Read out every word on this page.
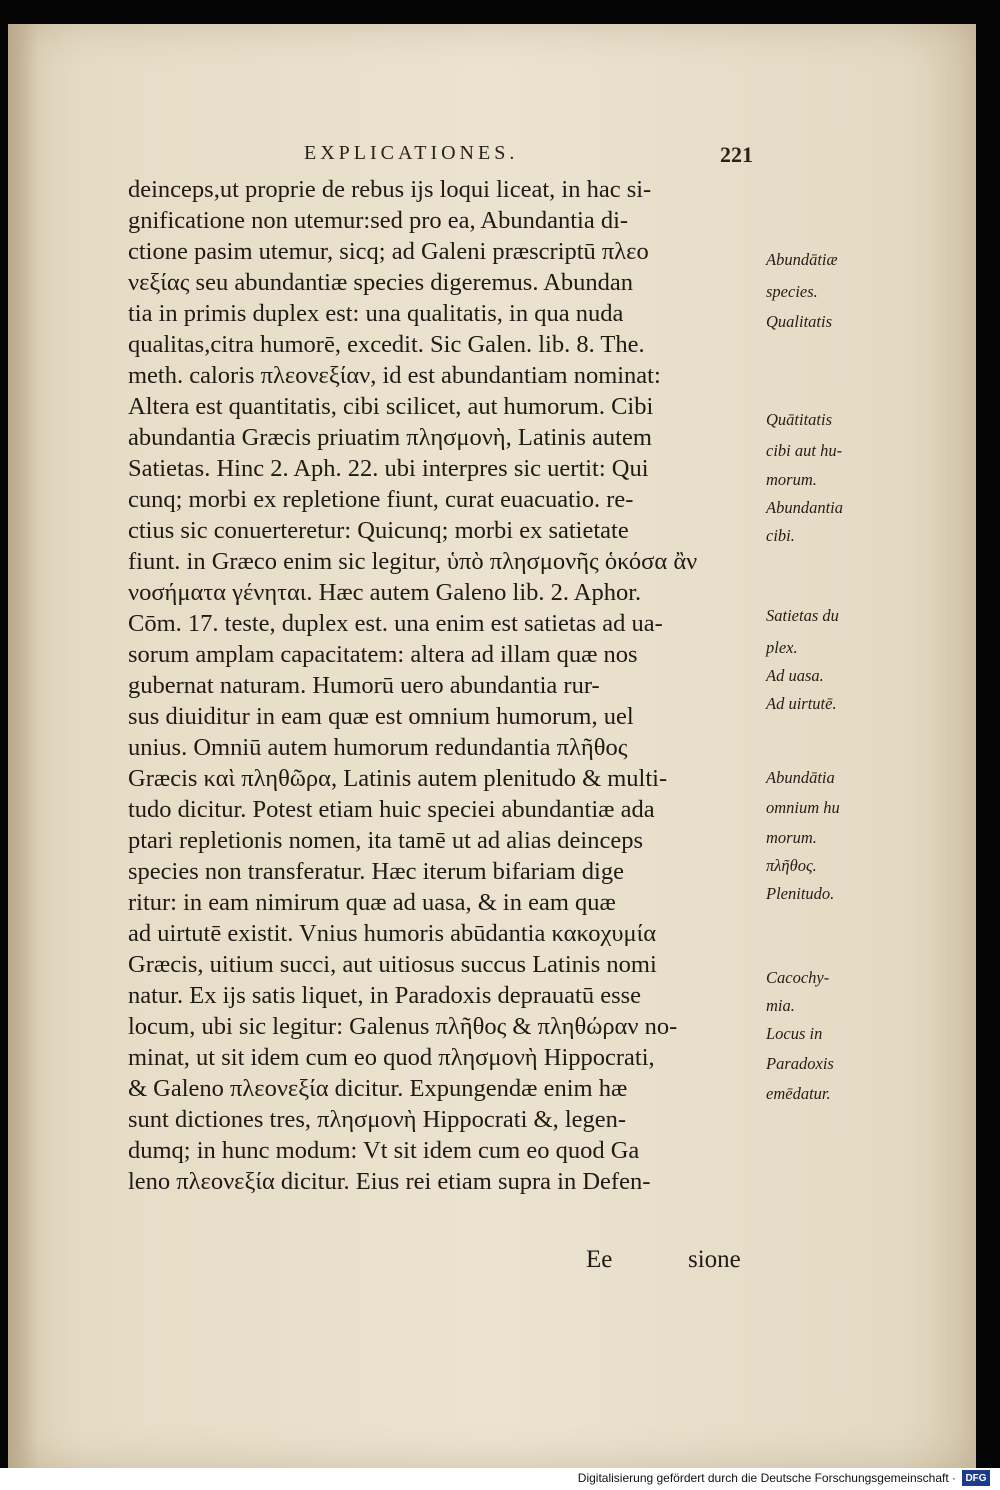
EXPLICATIONES.	221
deinceps,ut proprie de rebus ijs loqui liceat, in hac si-
gnificatione non utemur:sed pro ea, Abundantia di-
ctione pasim utemur, sicq; ad Galeni præscriptū πλεο
νεξίας seu abundantiæ species digeremus. Abundan
tia in primis duplex est: una qualitatis, in qua nuda
qualitas,citra humorē, excedit. Sic Galen. lib. 8. The.
meth. caloris πλεονεξίαν, id est abundantiam nominat:
Altera est quantitatis, cibi scilicet, aut humorum. Cibi
abundantia Græcis priuatim πλησμονὴ, Latinis autem
Satietas. Hinc 2. Aph. 22. ubi interpres sic uertit: Qui
cunq; morbi ex repletione fiunt, curat euacuatio. re-
ctius sic conuerteretur: Quicunq; morbi ex satietate
fiunt. in Græco enim sic legitur, ὑπὸ πλησμονῆς ὁκόσα ἂν
νοσήματα γένηται. Hæc autem Galeno lib. 2. Aphor.
Cōm. 17. teste, duplex est. una enim est satietas ad ua-
sorum amplam capacitatem: altera ad illam quæ nos
gubernat naturam. Humorū uero abundantia rur-
sus diuiditur in eam quæ est omnium humorum, uel
unius. Omniū autem humorum redundantia πλῆθος
Græcis καὶ πληθῶρα, Latinis autem plenitudo & multi-
tudo dicitur. Potest etiam huic speciei abundantiæ ada
ptari repletionis nomen, ita tamē ut ad alias deinceps
species non transferatur. Hæc iterum bifariam dige
ritur: in eam nimirum quæ ad uasa, & in eam quæ
ad uirtutē existit. Vnius humoris abūdantia κακοχυμία
Græcis, uitium succi, aut uitiosus succus Latinis nomi
natur. Ex ijs satis liquet, in Paradoxis deprauatū esse
locum, ubi sic legitur: Galenus πλῆθος & πληθώραν no-
minat, ut sit idem cum eo quod πλησμονὴ Hippocrati,
& Galeno πλεονεξία dicitur. Expungendæ enim hæ
sunt dictiones tres, πλησμονὴ Hippocrati &, legen-
dumq; in hunc modum: Vt sit idem cum eo quod Ga
leno πλεονεξία dicitur. Eius rei etiam supra in Defen-
Abundātiæ
species.
Qualitatis
Quātitatis
cibi aut hu-
morum.
Abundantia
cibi.
Satietas du
plex.
Ad uasa.
Ad uirtutē.
Abundātia
omnium hu
morum.
πλῆθος.
Plenitudo.
Cacochy-
mia.
Locus in
Paradoxis
emēdatur.
Ee	sione
Digitalisierung gefördert durch die Deutsche Forschungsgemeinschaft · DFG
